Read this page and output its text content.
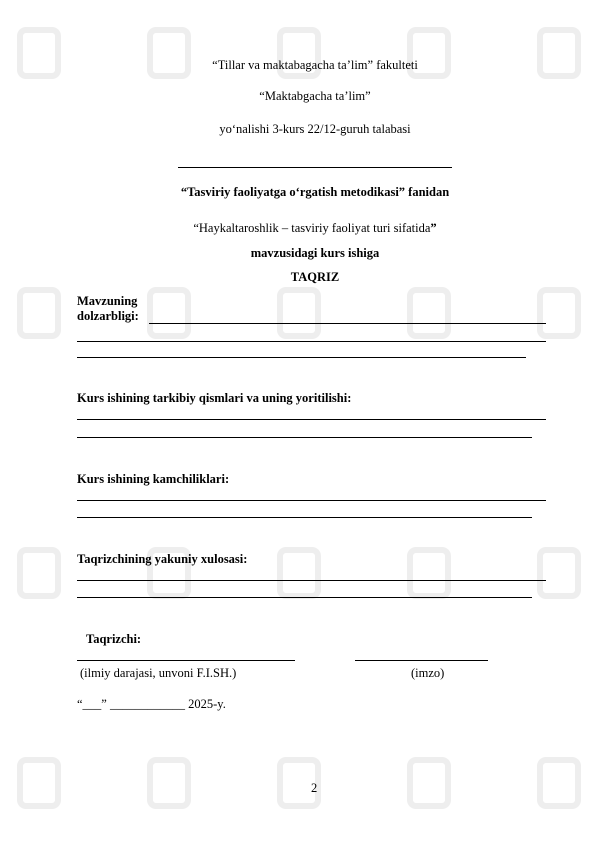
“Tillar va maktabagacha ta’lim” fakulteti
“Maktabgacha ta’lim”
yo‘nalishi 3-kurs 22/12-guruh talabasi
“Tasviriy faoliyatga o‘rgatish metodikasi” fanidan
“Haykaltaroshlik – tasviriy faoliyat turi sifatida”
mavzusidagi kurs ishiga
TAQRIZ
Mavzuning
dolzarbligi:
Kurs ishining tarkibiy qismlari va uning yoritilishi:
Kurs ishining kamchiliklari:
Taqrizchining yakuniy xulosasi:
Taqrizchi:
(ilmiy darajasi, unvoni F.I.SH.)	(imzo)
“___” ____________ 2025-y.
2
